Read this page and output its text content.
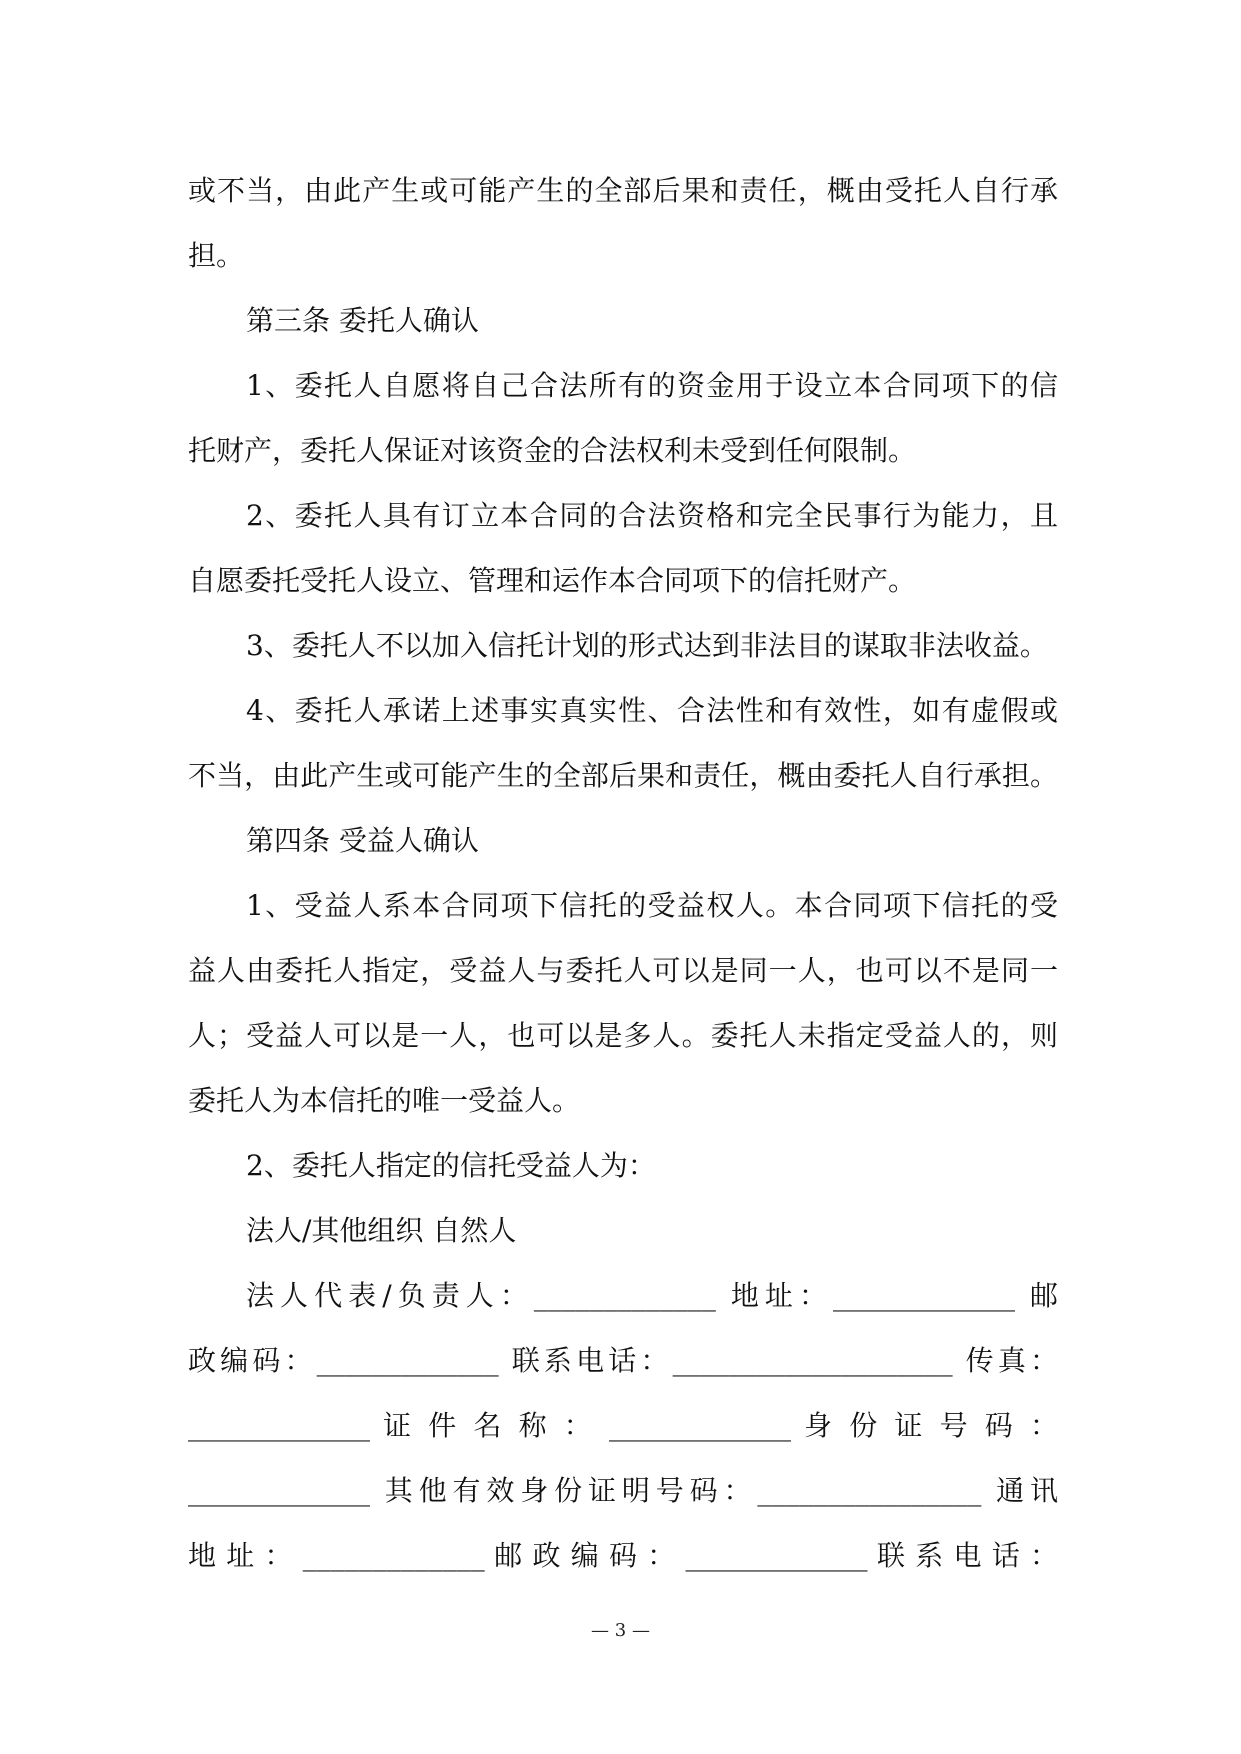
或不当，由此产生或可能产生的全部后果和责任，概由受托人自行承
担。
第三条 委托人确认
1、委托人自愿将自己合法所有的资金用于设立本合同项下的信
托财产，委托人保证对该资金的合法权利未受到任何限制。
2、委托人具有订立本合同的合法资格和完全民事行为能力，且
自愿委托受托人设立、管理和运作本合同项下的信托财产。
3、委托人不以加入信托计划的形式达到非法目的谋取非法收益。
4、委托人承诺上述事实真实性、合法性和有效性，如有虚假或
不当，由此产生或可能产生的全部后果和责任，概由委托人自行承担。
第四条 受益人确认
1、受益人系本合同项下信托的受益权人。本合同项下信托的受
益人由委托人指定，受益人与委托人可以是同一人，也可以不是同一
人；受益人可以是一人，也可以是多人。委托人未指定受益人的，则
委托人为本信托的唯一受益人。
2、委托人指定的信托受益人为：
法人/其他组织 自然人
法人代表/负责人：_____________ 地址：_____________ 邮
政编码：_____________ 联系电话：____________________ 传真：
_____________ 证 件 名 称 ： _____________ 身 份 证 号 码 ：
_____________ 其他有效身份证明号码：________________ 通讯
地 址 ： _____________ 邮 政 编 码 ： _____________ 联 系 电 话 ：
— 3 —
